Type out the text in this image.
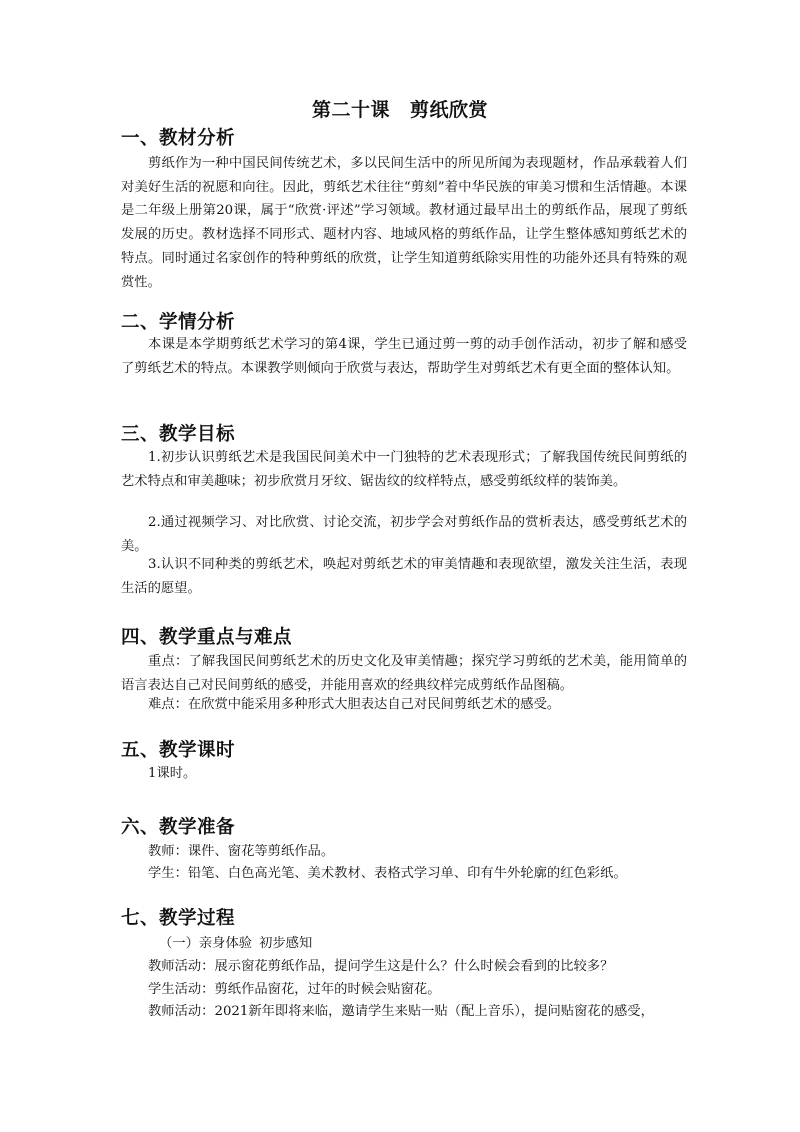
第二十课 剪纸欣赏
一、教材分析

剪纸作为一种中国民间传统艺术，多以民间生活中的所见所闻为表现题材，作品承载着人们对美好生活的祝愿和向往。因此，剪纸艺术往往“剪刻”着中华民族的审美习惯和生活情趣。本课是二年级上册第20课，属于“欣赏·评述”学习领域。教材通过最早出土的剪纸作品，展现了剪纸发展的历史。教材选择不同形式、题材内容、地域风格的剪纸作品，让学生整体感知剪纸艺术的特点。同时通过名家创作的特种剪纸的欣赏，让学生知道剪纸除实用性的功能外还具有特殊的观赏性。

二、学情分析

本课是本学期剪纸艺术学习的第4课，学生已通过剪一剪的动手创作活动，初步了解和感受了剪纸艺术的特点。本课教学则倾向于欣赏与表达，帮助学生对剪纸艺术有更全面的整体认知。

三、教学目标

1.初步认识剪纸艺术是我国民间美术中一门独特的艺术表现形式；了解我国传统民间剪纸的艺术特点和审美趣味；初步欣赏月牙纹、锯齿纹的纹样特点，感受剪纸纹样的装饰美。

2.通过视频学习、对比欣赏、讨论交流，初步学会对剪纸作品的赏析表达，感受剪纸艺术的美。

3.认识不同种类的剪纸艺术，唤起对剪纸艺术的审美情趣和表现欲望，激发关注生活，表现生活的愿望。

四、教学重点与难点

重点：了解我国民间剪纸艺术的历史文化及审美情趣；探究学习剪纸的艺术美，能用简单的语言表达自己对民间剪纸的感受，并能用喜欢的经典纹样完成剪纸作品图稿。

难点：在欣赏中能采用多种形式大胆表达自己对民间剪纸艺术的感受。

五、教学课时

1课时。

六、教学准备

教师：课件、窗花等剪纸作品。

学生：铅笔、白色高光笔、美术教材、表格式学习单、印有牛外轮廓的红色彩纸。

七、教学过程

（一）亲身体验 初步感知

教师活动：展示窗花剪纸作品，提问学生这是什么？什么时候会看到的比较多？

学生活动：剪纸作品窗花，过年的时候会贴窗花。

教师活动：2021新年即将来临，邀请学生来贴一贴（配上音乐），提问贴窗花的感受，
